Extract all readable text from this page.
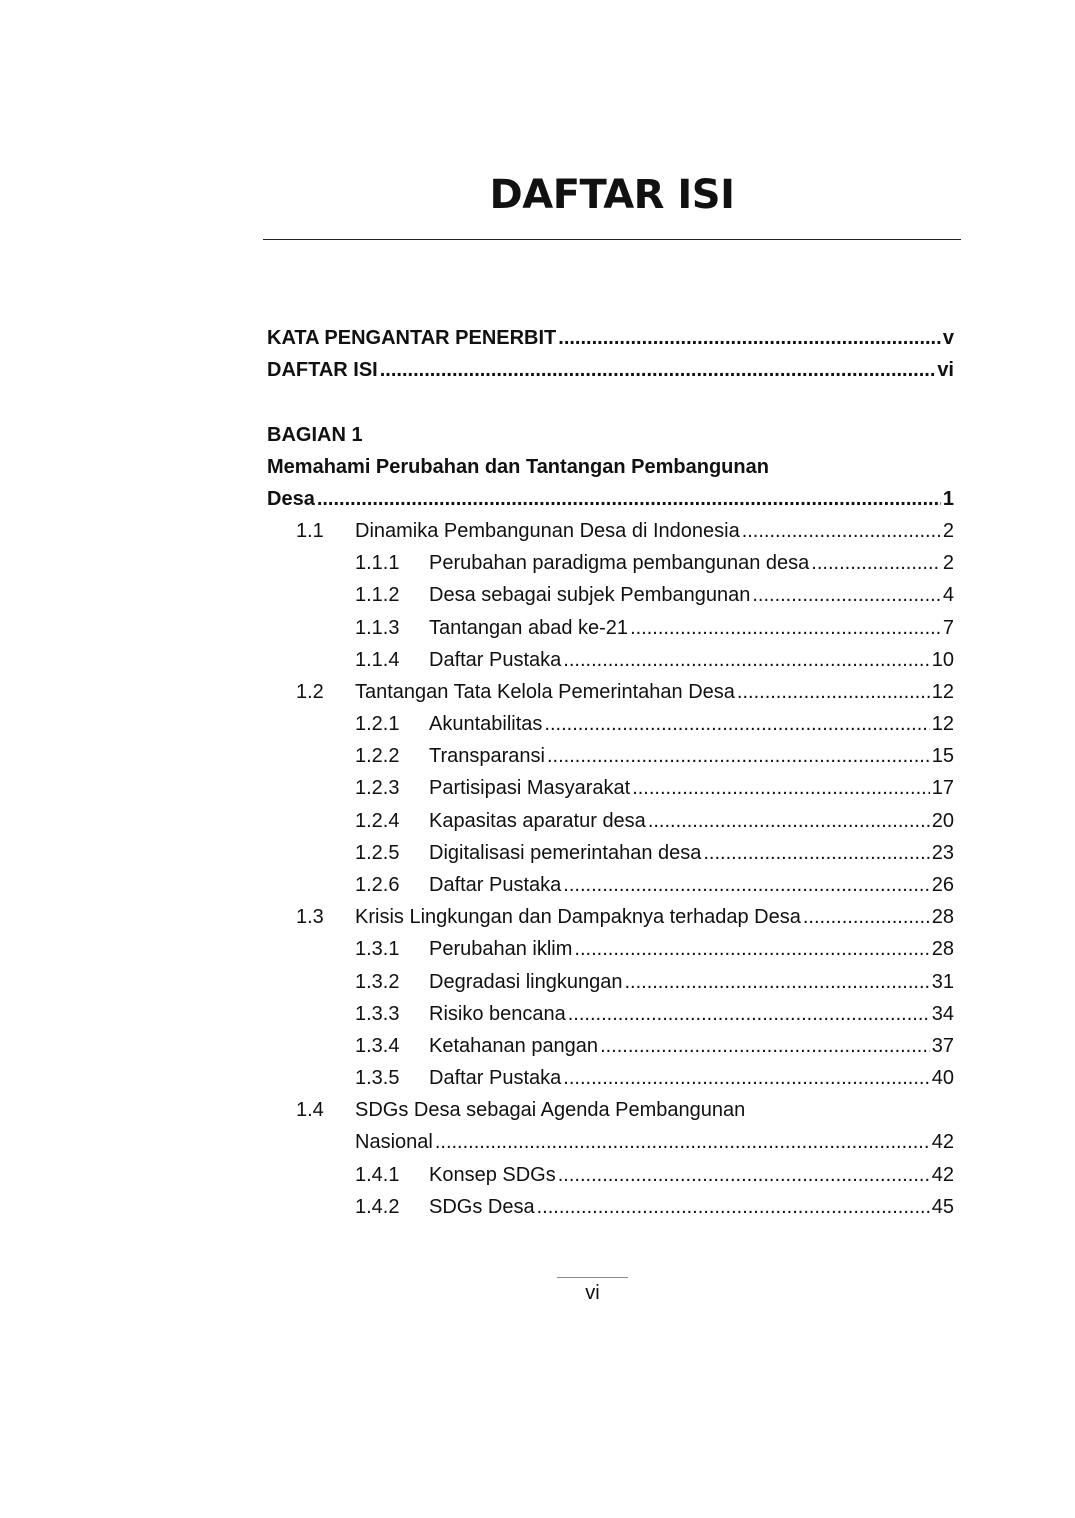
DAFTAR ISI
KATA PENGANTAR PENERBIT .....	v
DAFTAR ISI .....	vi
BAGIAN 1
Memahami Perubahan dan Tantangan Pembangunan
Desa .....	1
1.1 Dinamika Pembangunan Desa di Indonesia .....	2
1.1.1 Perubahan paradigma pembangunan desa .....	2
1.1.2 Desa sebagai subjek Pembangunan .....	4
1.1.3 Tantangan abad ke-21 .....	7
1.1.4 Daftar Pustaka .....	10
1.2 Tantangan Tata Kelola Pemerintahan Desa .....	12
1.2.1 Akuntabilitas .....	12
1.2.2 Transparansi .....	15
1.2.3 Partisipasi Masyarakat .....	17
1.2.4 Kapasitas aparatur desa .....	20
1.2.5 Digitalisasi pemerintahan desa .....	23
1.2.6 Daftar Pustaka .....	26
1.3 Krisis Lingkungan dan Dampaknya terhadap Desa .....	28
1.3.1 Perubahan iklim .....	28
1.3.2 Degradasi lingkungan .....	31
1.3.3 Risiko bencana .....	34
1.3.4 Ketahanan pangan .....	37
1.3.5 Daftar Pustaka .....	40
1.4 SDGs Desa sebagai Agenda Pembangunan
Nasional .....	42
1.4.1 Konsep SDGs .....	42
1.4.2 SDGs Desa .....	45
vi
